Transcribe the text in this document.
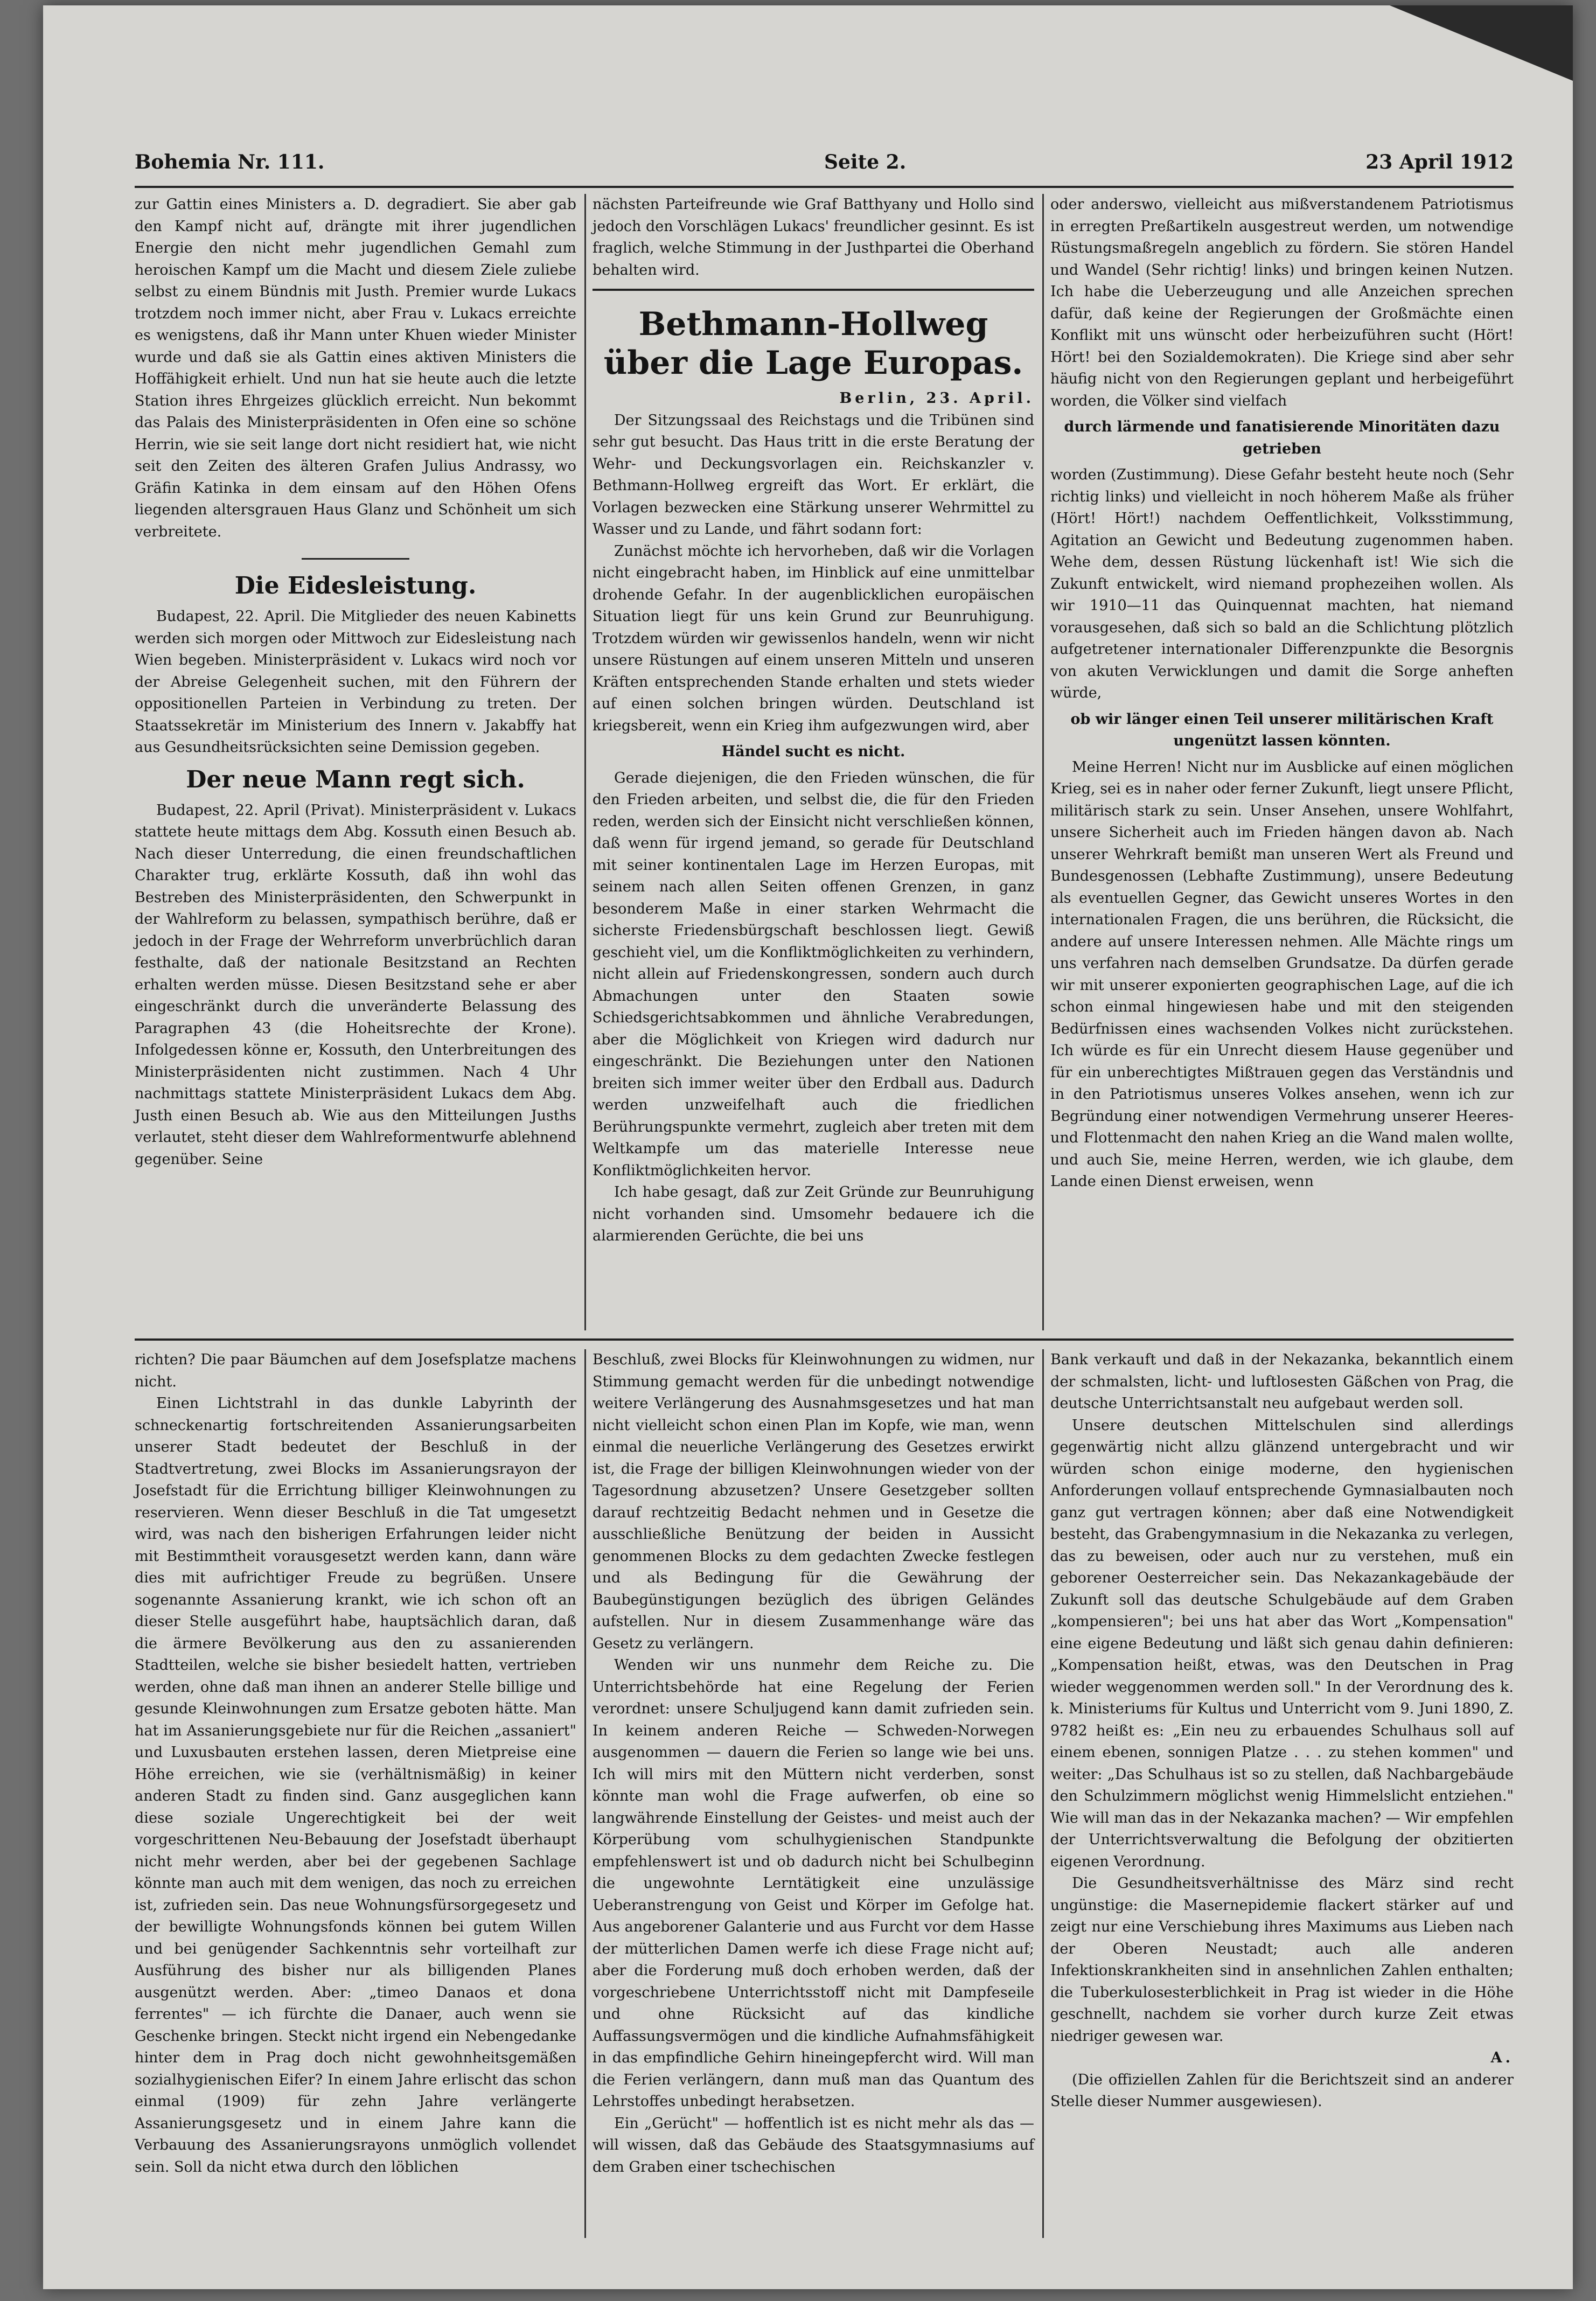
Bohemia Nr. 111.	Seite 2.	23 April 1912

zur Gattin eines Ministers a. D. degradiert. Sie aber gab den Kampf nicht auf, drängte mit ihrer jugendlichen Energie den nicht mehr jugendlichen Gemahl zum heroischen Kampf um die Macht und diesem Ziele zuliebe selbst zu einem Bündnis mit Justh. Premier wurde Lukacs trotzdem noch immer nicht, aber Frau v. Lukacs erreichte es wenigstens, daß ihr Mann unter Khuen wieder Minister wurde und daß sie als Gattin eines aktiven Ministers die Hoffähigkeit erhielt. Und nun hat sie heute auch die letzte Station ihres Ehrgeizes glücklich erreicht. Nun bekommt das Palais des Ministerpräsidenten in Ofen eine so schöne Herrin, wie sie seit lange dort nicht residiert hat, wie nicht seit den Zeiten des älteren Grafen Julius Andrassy, wo Gräfin Katinka in dem einsam auf den Höhen Ofens liegenden altersgrauen Haus Glanz und Schönheit um sich verbreitete.

Die Eidesleistung.

Budapest, 22. April. Die Mitglieder des neuen Kabinetts werden sich morgen oder Mittwoch zur Eidesleistung nach Wien begeben. Ministerpräsident v. Lukacs wird noch vor der Abreise Gelegenheit suchen, mit den Führern der oppositionellen Parteien in Verbindung zu treten. Der Staatssekretär im Ministerium des Innern v. Jakabffy hat aus Gesundheitsrücksichten seine Demission gegeben.

Der neue Mann regt sich.

Budapest, 22. April (Privat). Ministerpräsident v. Lukacs stattete heute mittags dem Abg. Kossuth einen Besuch ab. Nach dieser Unterredung, die einen freundschaftlichen Charakter trug, erklärte Kossuth, daß ihn wohl das Bestreben des Ministerpräsidenten, den Schwerpunkt in der Wahlreform zu belassen, sympathisch berühre, daß er jedoch in der Frage der Wehrreform unverbrüchlich daran festhalte, daß der nationale Besitzstand an Rechten erhalten werden müsse. Diesen Besitzstand sehe er aber eingeschränkt durch die unveränderte Belassung des Paragraphen 43 (die Hoheitsrechte der Krone). Infolgedessen könne er, Kossuth, den Unterbreitungen des Ministerpräsidenten nicht zustimmen. Nach 4 Uhr nachmittags stattete Ministerpräsident Lukacs dem Abg. Justh einen Besuch ab. Wie aus den Mitteilungen Jusths verlautet, steht dieser dem Wahlreformentwurfe ablehnend gegenüber. Seine

nächsten Parteifreunde wie Graf Batthyany und Hollo sind jedoch den Vorschlägen Lukacs' freundlicher gesinnt. Es ist fraglich, welche Stimmung in der Justhpartei die Oberhand behalten wird.

Bethmann-Hollweg über die Lage Europas.

Berlin, 23. April.

Der Sitzungssaal des Reichstags und die Tribünen sind sehr gut besucht. Das Haus tritt in die erste Beratung der Wehr- und Deckungsvorlagen ein. Reichskanzler v. Bethmann-Hollweg ergreift das Wort. Er erklärt, die Vorlagen bezwecken eine Stärkung unserer Wehrmittel zu Wasser und zu Lande, und fährt sodann fort:

Zunächst möchte ich hervorheben, daß wir die Vorlagen nicht eingebracht haben, im Hinblick auf eine unmittelbar drohende Gefahr. In der augenblicklichen europäischen Situation liegt für uns kein Grund zur Beunruhigung. Trotzdem würden wir gewissenlos handeln, wenn wir nicht unsere Rüstungen auf einem unseren Mitteln und unseren Kräften entsprechenden Stande erhalten und stets wieder auf einen solchen bringen würden. Deutschland ist kriegsbereit, wenn ein Krieg ihm aufgezwungen wird, aber

Händel sucht es nicht.

Gerade diejenigen, die den Frieden wünschen, die für den Frieden arbeiten, und selbst die, die für den Frieden reden, werden sich der Einsicht nicht verschließen können, daß wenn für irgend jemand, so gerade für Deutschland mit seiner kontinentalen Lage im Herzen Europas, mit seinem nach allen Seiten offenen Grenzen, in ganz besonderem Maße in einer starken Wehrmacht die sicherste Friedensbürgschaft beschlossen liegt. Gewiß geschieht viel, um die Konfliktmöglichkeiten zu verhindern, nicht allein auf Friedenskongressen, sondern auch durch Abmachungen unter den Staaten sowie Schiedsgerichtsabkommen und ähnliche Verabredungen, aber die Möglichkeit von Kriegen wird dadurch nur eingeschränkt. Die Beziehungen unter den Nationen breiten sich immer weiter über den Erdball aus. Dadurch werden unzweifelhaft auch die friedlichen Berührungspunkte vermehrt, zugleich aber treten mit dem Weltkampfe um das materielle Interesse neue Konfliktmöglichkeiten hervor.

Ich habe gesagt, daß zur Zeit Gründe zur Beunruhigung nicht vorhanden sind. Umsomehr bedauere ich die alarmierenden Gerüchte, die bei uns

oder anderswo, vielleicht aus mißverstandenem Patriotismus in erregten Preßartikeln ausgestreut werden, um notwendige Rüstungsmaßregeln angeblich zu fördern. Sie stören Handel und Wandel (Sehr richtig! links) und bringen keinen Nutzen. Ich habe die Ueberzeugung und alle Anzeichen sprechen dafür, daß keine der Regierungen der Großmächte einen Konflikt mit uns wünscht oder herbeizuführen sucht (Hört! Hört! bei den Sozialdemokraten). Die Kriege sind aber sehr häufig nicht von den Regierungen geplant und herbeigeführt worden, die Völker sind vielfach

durch lärmende und fanatisierende Minoritäten dazu getrieben

worden (Zustimmung). Diese Gefahr besteht heute noch (Sehr richtig links) und vielleicht in noch höherem Maße als früher (Hört! Hört!) nachdem Oeffentlichkeit, Volksstimmung, Agitation an Gewicht und Bedeutung zugenommen haben. Wehe dem, dessen Rüstung lückenhaft ist! Wie sich die Zukunft entwickelt, wird niemand prophezeihen wollen. Als wir 1910—11 das Quinquennat machten, hat niemand vorausgesehen, daß sich so bald an die Schlichtung plötzlich aufgetretener internationaler Differenzpunkte die Besorgnis von akuten Verwicklungen und damit die Sorge anheften würde,

ob wir länger einen Teil unserer militärischen Kraft ungenützt lassen könnten.

Meine Herren! Nicht nur im Ausblicke auf einen möglichen Krieg, sei es in naher oder ferner Zukunft, liegt unsere Pflicht, militärisch stark zu sein. Unser Ansehen, unsere Wohlfahrt, unsere Sicherheit auch im Frieden hängen davon ab. Nach unserer Wehrkraft bemißt man unseren Wert als Freund und Bundesgenossen (Lebhafte Zustimmung), unsere Bedeutung als eventuellen Gegner, das Gewicht unseres Wortes in den internationalen Fragen, die uns berühren, die Rücksicht, die andere auf unsere Interessen nehmen. Alle Mächte rings um uns verfahren nach demselben Grundsatze. Da dürfen gerade wir mit unserer exponierten geographischen Lage, auf die ich schon einmal hingewiesen habe und mit den steigenden Bedürfnissen eines wachsenden Volkes nicht zurückstehen. Ich würde es für ein Unrecht diesem Hause gegenüber und für ein unberechtigtes Mißtrauen gegen das Verständnis und in den Patriotismus unseres Volkes ansehen, wenn ich zur Begründung einer notwendigen Vermehrung unserer Heeres- und Flottenmacht den nahen Krieg an die Wand malen wollte, und auch Sie, meine Herren, werden, wie ich glaube, dem Lande einen Dienst erweisen, wenn

richten? Die paar Bäumchen auf dem Josefsplatze machens nicht.

Einen Lichtstrahl in das dunkle Labyrinth der schneckenartig fortschreitenden Assanierungsarbeiten unserer Stadt bedeutet der Beschluß in der Stadtvertretung, zwei Blocks im Assanierungsrayon der Josefstadt für die Errichtung billiger Kleinwohnungen zu reservieren. Wenn dieser Beschluß in die Tat umgesetzt wird, was nach den bisherigen Erfahrungen leider nicht mit Bestimmtheit vorausgesetzt werden kann, dann wäre dies mit aufrichtiger Freude zu begrüßen. Unsere sogenannte Assanierung krankt, wie ich schon oft an dieser Stelle ausgeführt habe, hauptsächlich daran, daß die ärmere Bevölkerung aus den zu assanierenden Stadtteilen, welche sie bisher besiedelt hatten, vertrieben werden, ohne daß man ihnen an anderer Stelle billige und gesunde Kleinwohnungen zum Ersatze geboten hätte. Man hat im Assanierungsgebiete nur für die Reichen „assaniert" und Luxusbauten erstehen lassen, deren Mietpreise eine Höhe erreichen, wie sie (verhältnismäßig) in keiner anderen Stadt zu finden sind. Ganz ausgeglichen kann diese soziale Ungerechtigkeit bei der weit vorgeschrittenen Neu-Bebauung der Josefstadt überhaupt nicht mehr werden, aber bei der gegebenen Sachlage könnte man auch mit dem wenigen, das noch zu erreichen ist, zufrieden sein. Das neue Wohnungsfürsorgegesetz und der bewilligte Wohnungsfonds können bei gutem Willen und bei genügender Sachkenntnis sehr vorteilhaft zur Ausführung des bisher nur als billigenden Planes ausgenützt werden. Aber: „timeo Danaos et dona ferrentes" — ich fürchte die Danaer, auch wenn sie Geschenke bringen. Steckt nicht irgend ein Nebengedanke hinter dem in Prag doch nicht gewohnheitsgemäßen sozialhygienischen Eifer? In einem Jahre erlischt das schon einmal (1909) für zehn Jahre verlängerte Assanierungsgesetz und in einem Jahre kann die Verbauung des Assanierungsrayons unmöglich vollendet sein. Soll da nicht etwa durch den löblichen

Beschluß, zwei Blocks für Kleinwohnungen zu widmen, nur Stimmung gemacht werden für die unbedingt notwendige weitere Verlängerung des Ausnahmsgesetzes und hat man nicht vielleicht schon einen Plan im Kopfe, wie man, wenn einmal die neuerliche Verlängerung des Gesetzes erwirkt ist, die Frage der billigen Kleinwohnungen wieder von der Tagesordnung abzusetzen? Unsere Gesetzgeber sollten darauf rechtzeitig Bedacht nehmen und in Gesetze die ausschließliche Benützung der beiden in Aussicht genommenen Blocks zu dem gedachten Zwecke festlegen und als Bedingung für die Gewährung der Baubegünstigungen bezüglich des übrigen Geländes aufstellen. Nur in diesem Zusammenhange wäre das Gesetz zu verlängern.

Wenden wir uns nunmehr dem Reiche zu. Die Unterrichtsbehörde hat eine Regelung der Ferien verordnet: unsere Schuljugend kann damit zufrieden sein. In keinem anderen Reiche — Schweden-Norwegen ausgenommen — dauern die Ferien so lange wie bei uns. Ich will mirs mit den Müttern nicht verderben, sonst könnte man wohl die Frage aufwerfen, ob eine so langwährende Einstellung der Geistes- und meist auch der Körperübung vom schulhygienischen Standpunkte empfehlenswert ist und ob dadurch nicht bei Schulbeginn die ungewohnte Lerntätigkeit eine unzulässige Ueberanstrengung von Geist und Körper im Gefolge hat. Aus angeborener Galanterie und aus Furcht vor dem Hasse der mütterlichen Damen werfe ich diese Frage nicht auf; aber die Forderung muß doch erhoben werden, daß der vorgeschriebene Unterrichtsstoff nicht mit Dampfeseile und ohne Rücksicht auf das kindliche Auffassungsvermögen und die kindliche Aufnahmsfähigkeit in das empfindliche Gehirn hineingepfercht wird. Will man die Ferien verlängern, dann muß man das Quantum des Lehrstoffes unbedingt herabsetzen.

Ein „Gerücht" — hoffentlich ist es nicht mehr als das — will wissen, daß das Gebäude des Staatsgymnasiums auf dem Graben einer tschechischen

Bank verkauft und daß in der Nekazanka, bekanntlich einem der schmalsten, licht- und luftlosesten Gäßchen von Prag, die deutsche Unterrichtsanstalt neu aufgebaut werden soll.

Unsere deutschen Mittelschulen sind allerdings gegenwärtig nicht allzu glänzend untergebracht und wir würden schon einige moderne, den hygienischen Anforderungen vollauf entsprechende Gymnasialbauten noch ganz gut vertragen können; aber daß eine Notwendigkeit besteht, das Grabengymnasium in die Nekazanka zu verlegen, das zu beweisen, oder auch nur zu verstehen, muß ein geborener Oesterreicher sein. Das Nekazankagebäude der Zukunft soll das deutsche Schulgebäude auf dem Graben „kompensieren"; bei uns hat aber das Wort „Kompensation" eine eigene Bedeutung und läßt sich genau dahin definieren: „Kompensation heißt, etwas, was den Deutschen in Prag wieder weggenommen werden soll." In der Verordnung des k. k. Ministeriums für Kultus und Unterricht vom 9. Juni 1890, Z. 9782 heißt es: „Ein neu zu erbauendes Schulhaus soll auf einem ebenen, sonnigen Platze . . . zu stehen kommen" und weiter: „Das Schulhaus ist so zu stellen, daß Nachbargebäude den Schulzimmern möglichst wenig Himmelslicht entziehen." Wie will man das in der Nekazanka machen? — Wir empfehlen der Unterrichtsverwaltung die Befolgung der obzitierten eigenen Verordnung.

Die Gesundheitsverhältnisse des März sind recht ungünstige: die Masernepidemie flackert stärker auf und zeigt nur eine Verschiebung ihres Maximums aus Lieben nach der Oberen Neustadt; auch alle anderen Infektionskrankheiten sind in ansehnlichen Zahlen enthalten; die Tuberkulosesterblichkeit in Prag ist wieder in die Höhe geschnellt, nachdem sie vorher durch kurze Zeit etwas niedriger gewesen war.

A.

(Die offiziellen Zahlen für die Berichtszeit sind an anderer Stelle dieser Nummer ausgewiesen).
